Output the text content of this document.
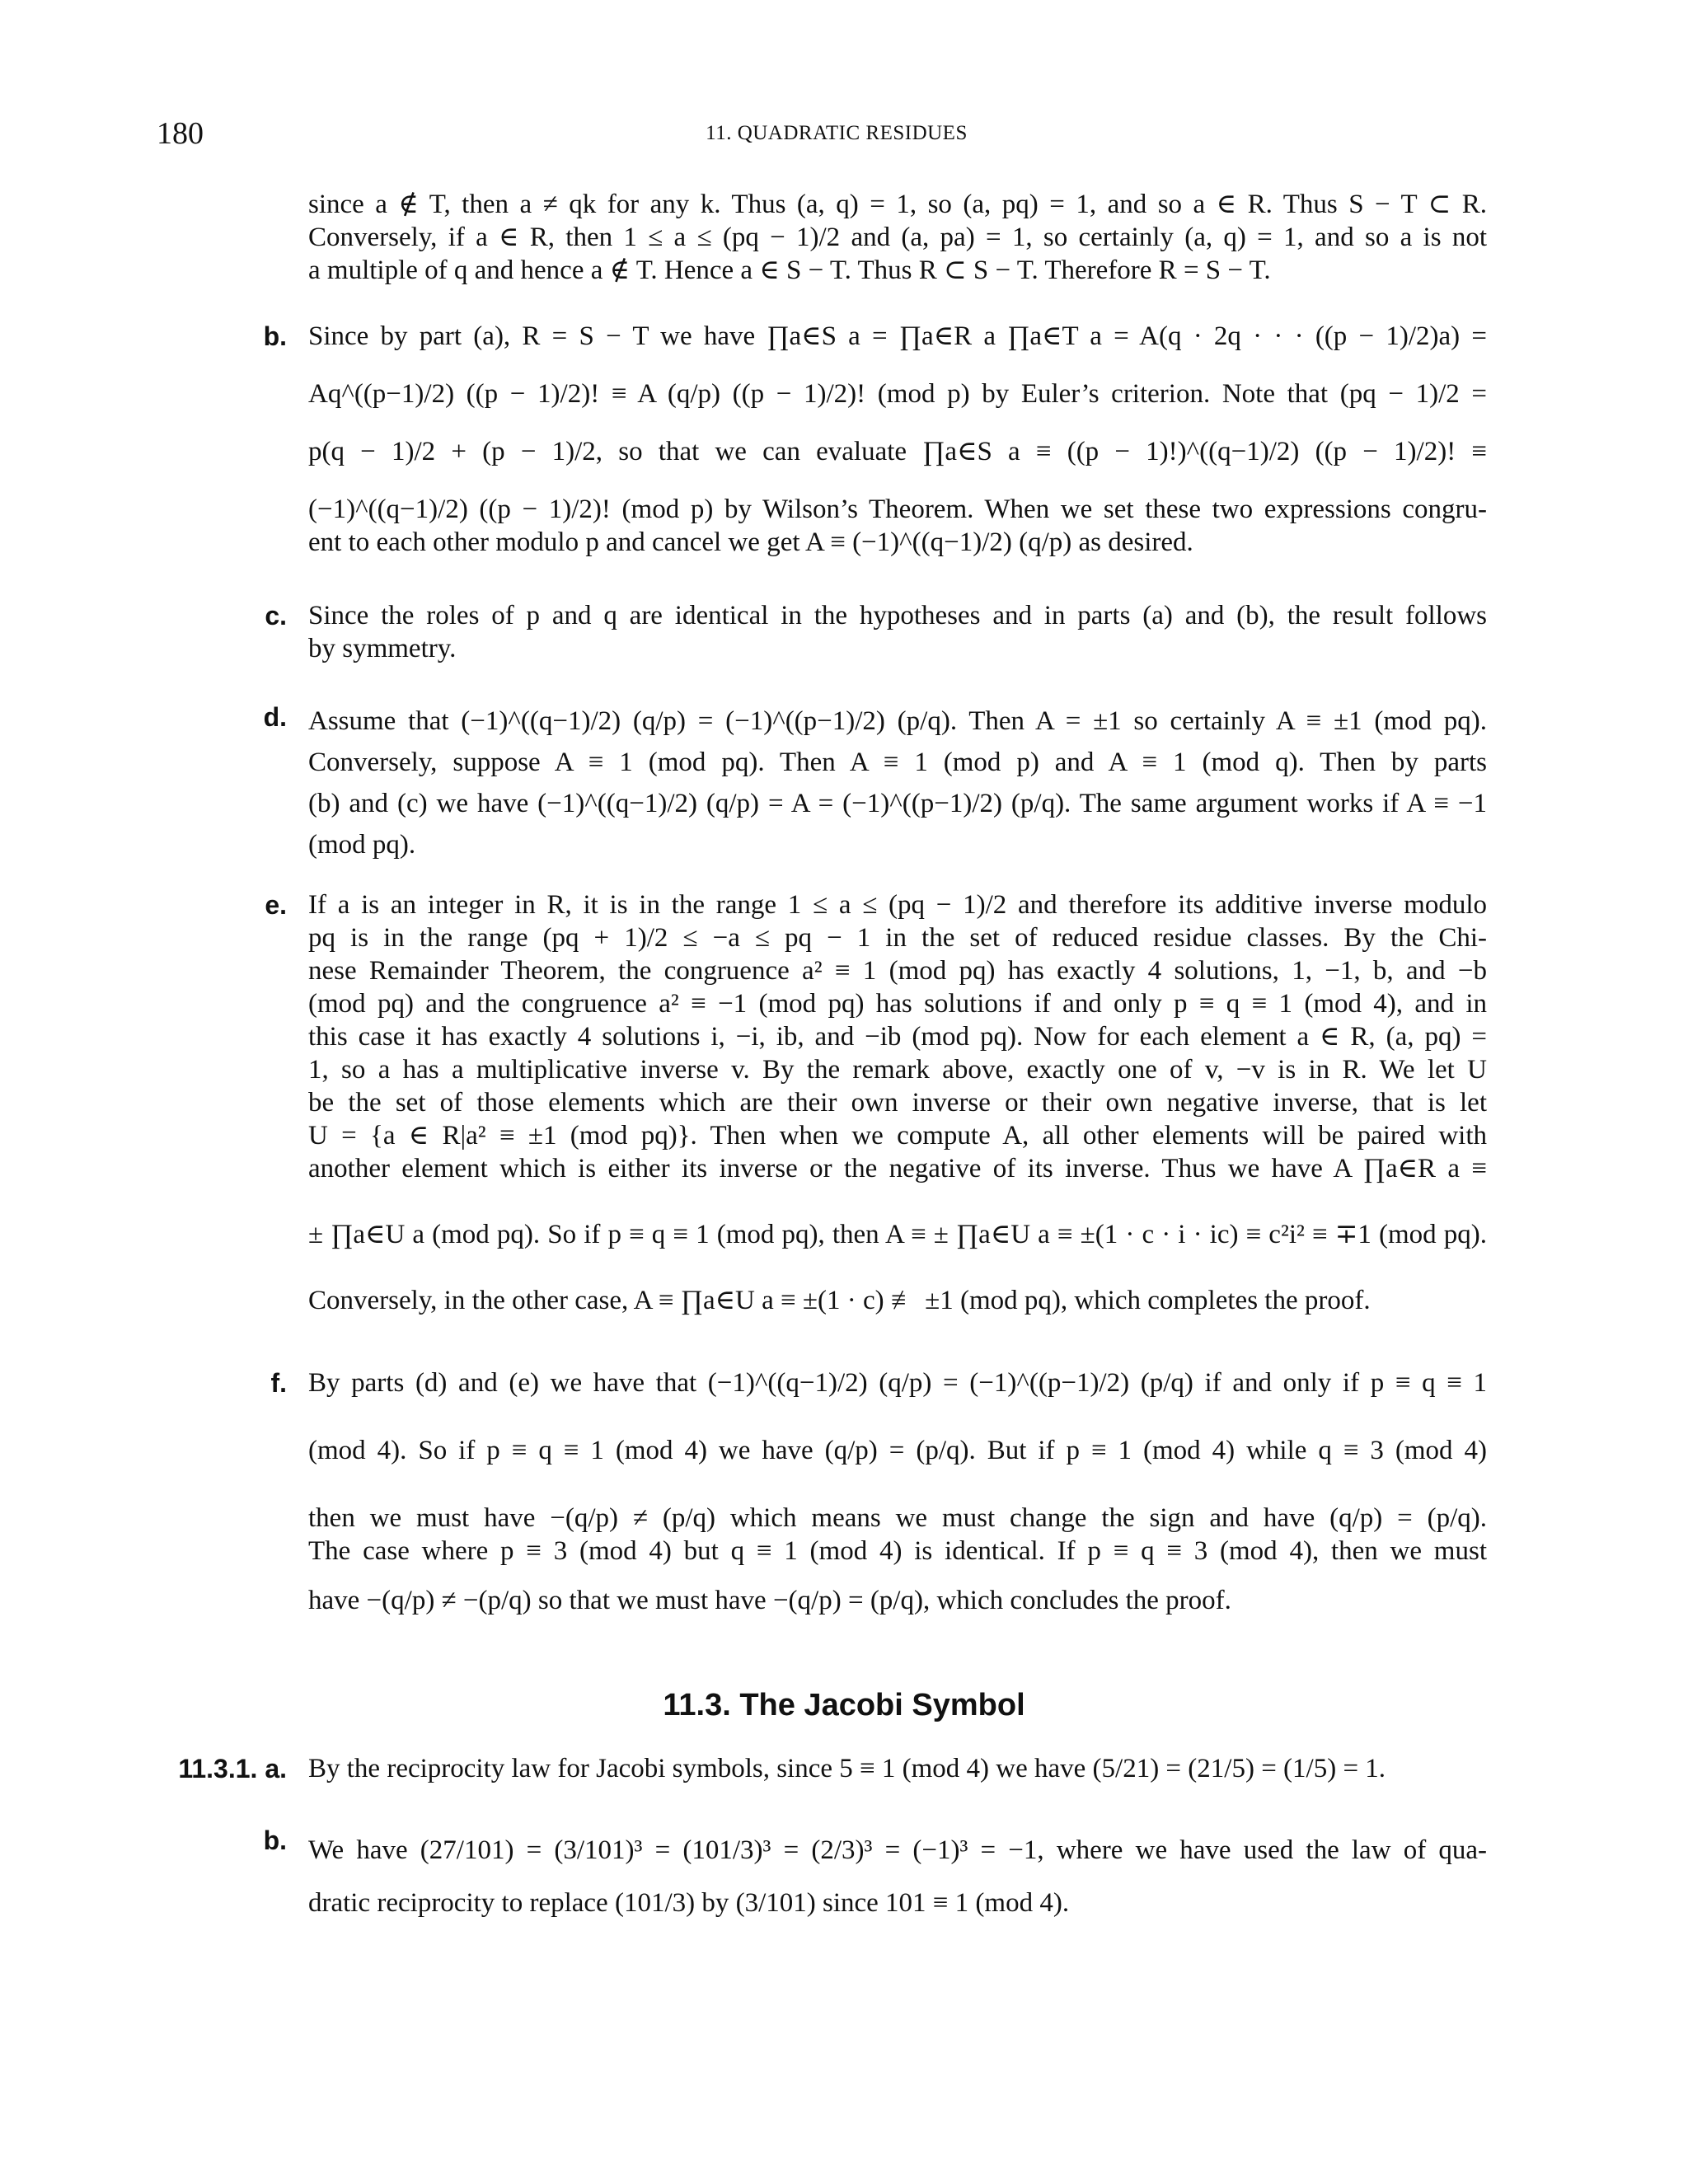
180	11. QUADRATIC RESIDUES
since a ∉ T, then a ≠ qk for any k. Thus (a, q) = 1, so (a, pq) = 1, and so a ∈ R. Thus S − T ⊂ R.
Conversely, if a ∈ R, then 1 ≤ a ≤ (pq − 1)/2 and (a, pa) = 1, so certainly (a, q) = 1, and so a is not
a multiple of q and hence a ∉ T. Hence a ∈ S − T. Thus R ⊂ S − T. Therefore R = S − T.
b. Since by part (a), R = S − T we have ∏a∈S a = ∏a∈R a ∏a∈T a = A(q · 2q · · · ((p − 1)/2)a) =
Aq^((p−1)/2) ((p − 1)/2)! ≡ A (q/p) ((p − 1)/2)! (mod p) by Euler’s criterion. Note that (pq − 1)/2 =
p(q − 1)/2 + (p − 1)/2, so that we can evaluate ∏a∈S a ≡ ((p − 1)!)^((q−1)/2) ((p − 1)/2)! ≡
(−1)^((q−1)/2) ((p − 1)/2)! (mod p) by Wilson’s Theorem. When we set these two expressions congru-
ent to each other modulo p and cancel we get A ≡ (−1)^((q−1)/2) (q/p) as desired.
c. Since the roles of p and q are identical in the hypotheses and in parts (a) and (b), the result follows
by symmetry.
d. Assume that (−1)^((q−1)/2) (q/p) = (−1)^((p−1)/2) (p/q). Then A = ±1 so certainly A ≡ ±1 (mod pq).
Conversely, suppose A ≡ 1 (mod pq). Then A ≡ 1 (mod p) and A ≡ 1 (mod q). Then by parts
(b) and (c) we have (−1)^((q−1)/2) (q/p) = A = (−1)^((p−1)/2) (p/q). The same argument works if A ≡ −1
(mod pq).
e. If a is an integer in R, it is in the range 1 ≤ a ≤ (pq − 1)/2 and therefore its additive inverse modulo
pq is in the range (pq + 1)/2 ≤ −a ≤ pq − 1 in the set of reduced residue classes. By the Chi-
nese Remainder Theorem, the congruence a² ≡ 1 (mod pq) has exactly 4 solutions, 1, −1, b, and −b
(mod pq) and the congruence a² ≡ −1 (mod pq) has solutions if and only p ≡ q ≡ 1 (mod 4), and in
this case it has exactly 4 solutions i, −i, ib, and −ib (mod pq). Now for each element a ∈ R, (a, pq) =
1, so a has a multiplicative inverse v. By the remark above, exactly one of v, −v is in R. We let U
be the set of those elements which are their own inverse or their own negative inverse, that is let
U = {a ∈ R|a² ≡ ±1 (mod pq)}. Then when we compute A, all other elements will be paired with
another element which is either its inverse or the negative of its inverse. Thus we have A ∏a∈R a ≡
± ∏a∈U a (mod pq). So if p ≡ q ≡ 1 (mod pq), then A ≡ ± ∏a∈U a ≡ ±(1 · c · i · ic) ≡ c²i² ≡ ∓1 (mod pq).
Conversely, in the other case, A ≡ ∏a∈U a ≡ ±(1 · c) ≢ ±1 (mod pq), which completes the proof.
f. By parts (d) and (e) we have that (−1)^((q−1)/2) (q/p) = (−1)^((p−1)/2) (p/q) if and only if p ≡ q ≡ 1
(mod 4). So if p ≡ q ≡ 1 (mod 4) we have (q/p) = (p/q). But if p ≡ 1 (mod 4) while q ≡ 3 (mod 4)
then we must have −(q/p) ≠ (p/q) which means we must change the sign and have (q/p) = (p/q).
The case where p ≡ 3 (mod 4) but q ≡ 1 (mod 4) is identical. If p ≡ q ≡ 3 (mod 4), then we must
have −(q/p) ≠ −(p/q) so that we must have −(q/p) = (p/q), which concludes the proof.
11.3. The Jacobi Symbol
11.3.1. a. By the reciprocity law for Jacobi symbols, since 5 ≡ 1 (mod 4) we have (5/21) = (21/5) = (1/5) = 1.
b. We have (27/101) = (3/101)³ = (101/3)³ = (2/3)³ = (−1)³ = −1, where we have used the law of qua-
dratic reciprocity to replace (101/3) by (3/101) since 101 ≡ 1 (mod 4).
